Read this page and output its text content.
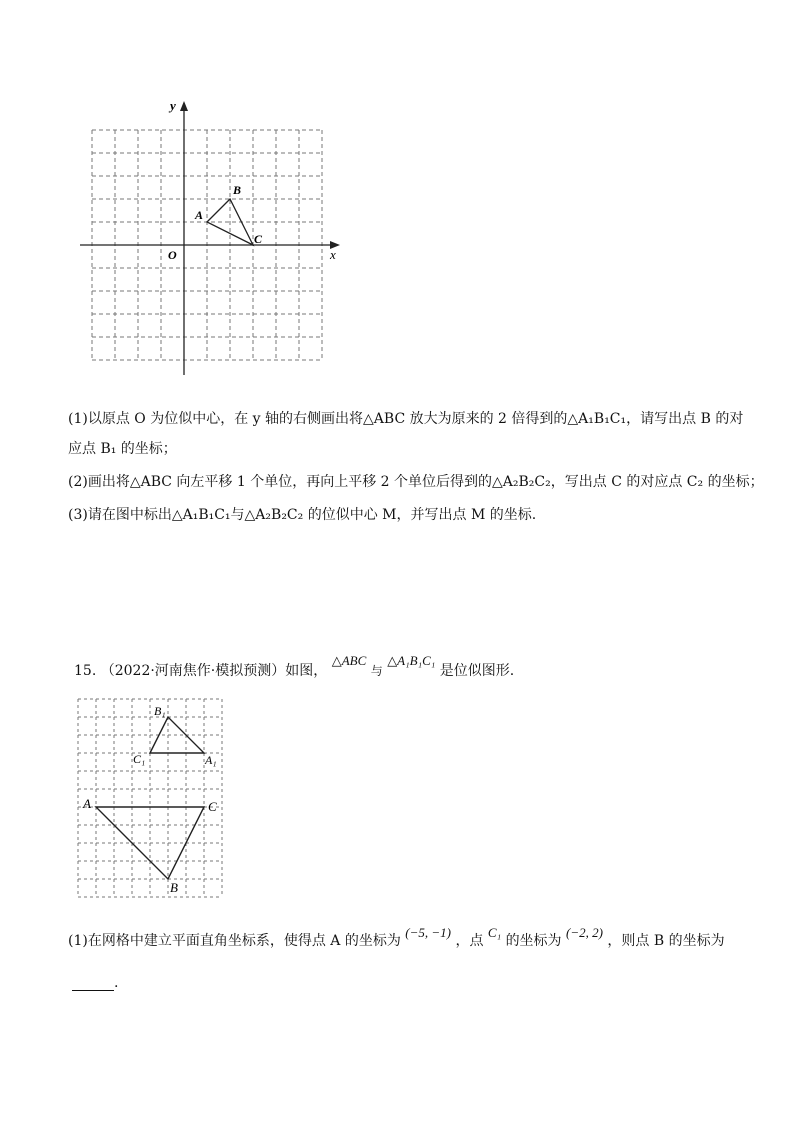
y
x
O
A
B
C
(1)以原点 O 为位似中心，在 y 轴的右侧画出将△ABC 放大为原来的 2 倍得到的△A₁B₁C₁，请写出点 B 的对
应点 B₁ 的坐标；
(2)画出将△ABC 向左平移 1 个单位，再向上平移 2 个单位后得到的△A₂B₂C₂，写出点 C 的对应点 C₂ 的坐标；
(3)请在图中标出△A₁B₁C₁与△A₂B₂C₂ 的位似中心 M，并写出点 M 的坐标.
15. （2022·河南焦作·模拟预测）如图， △ABC 与 △A₁B₁C₁ 是位似图形.
B₁
C₁	A₁
A	C
B
(1)在网格中建立平面直角坐标系，使得点 A 的坐标为 (−5, −1) ，点 C₁ 的坐标为 (−2, 2) ，则点 B 的坐标为
.
